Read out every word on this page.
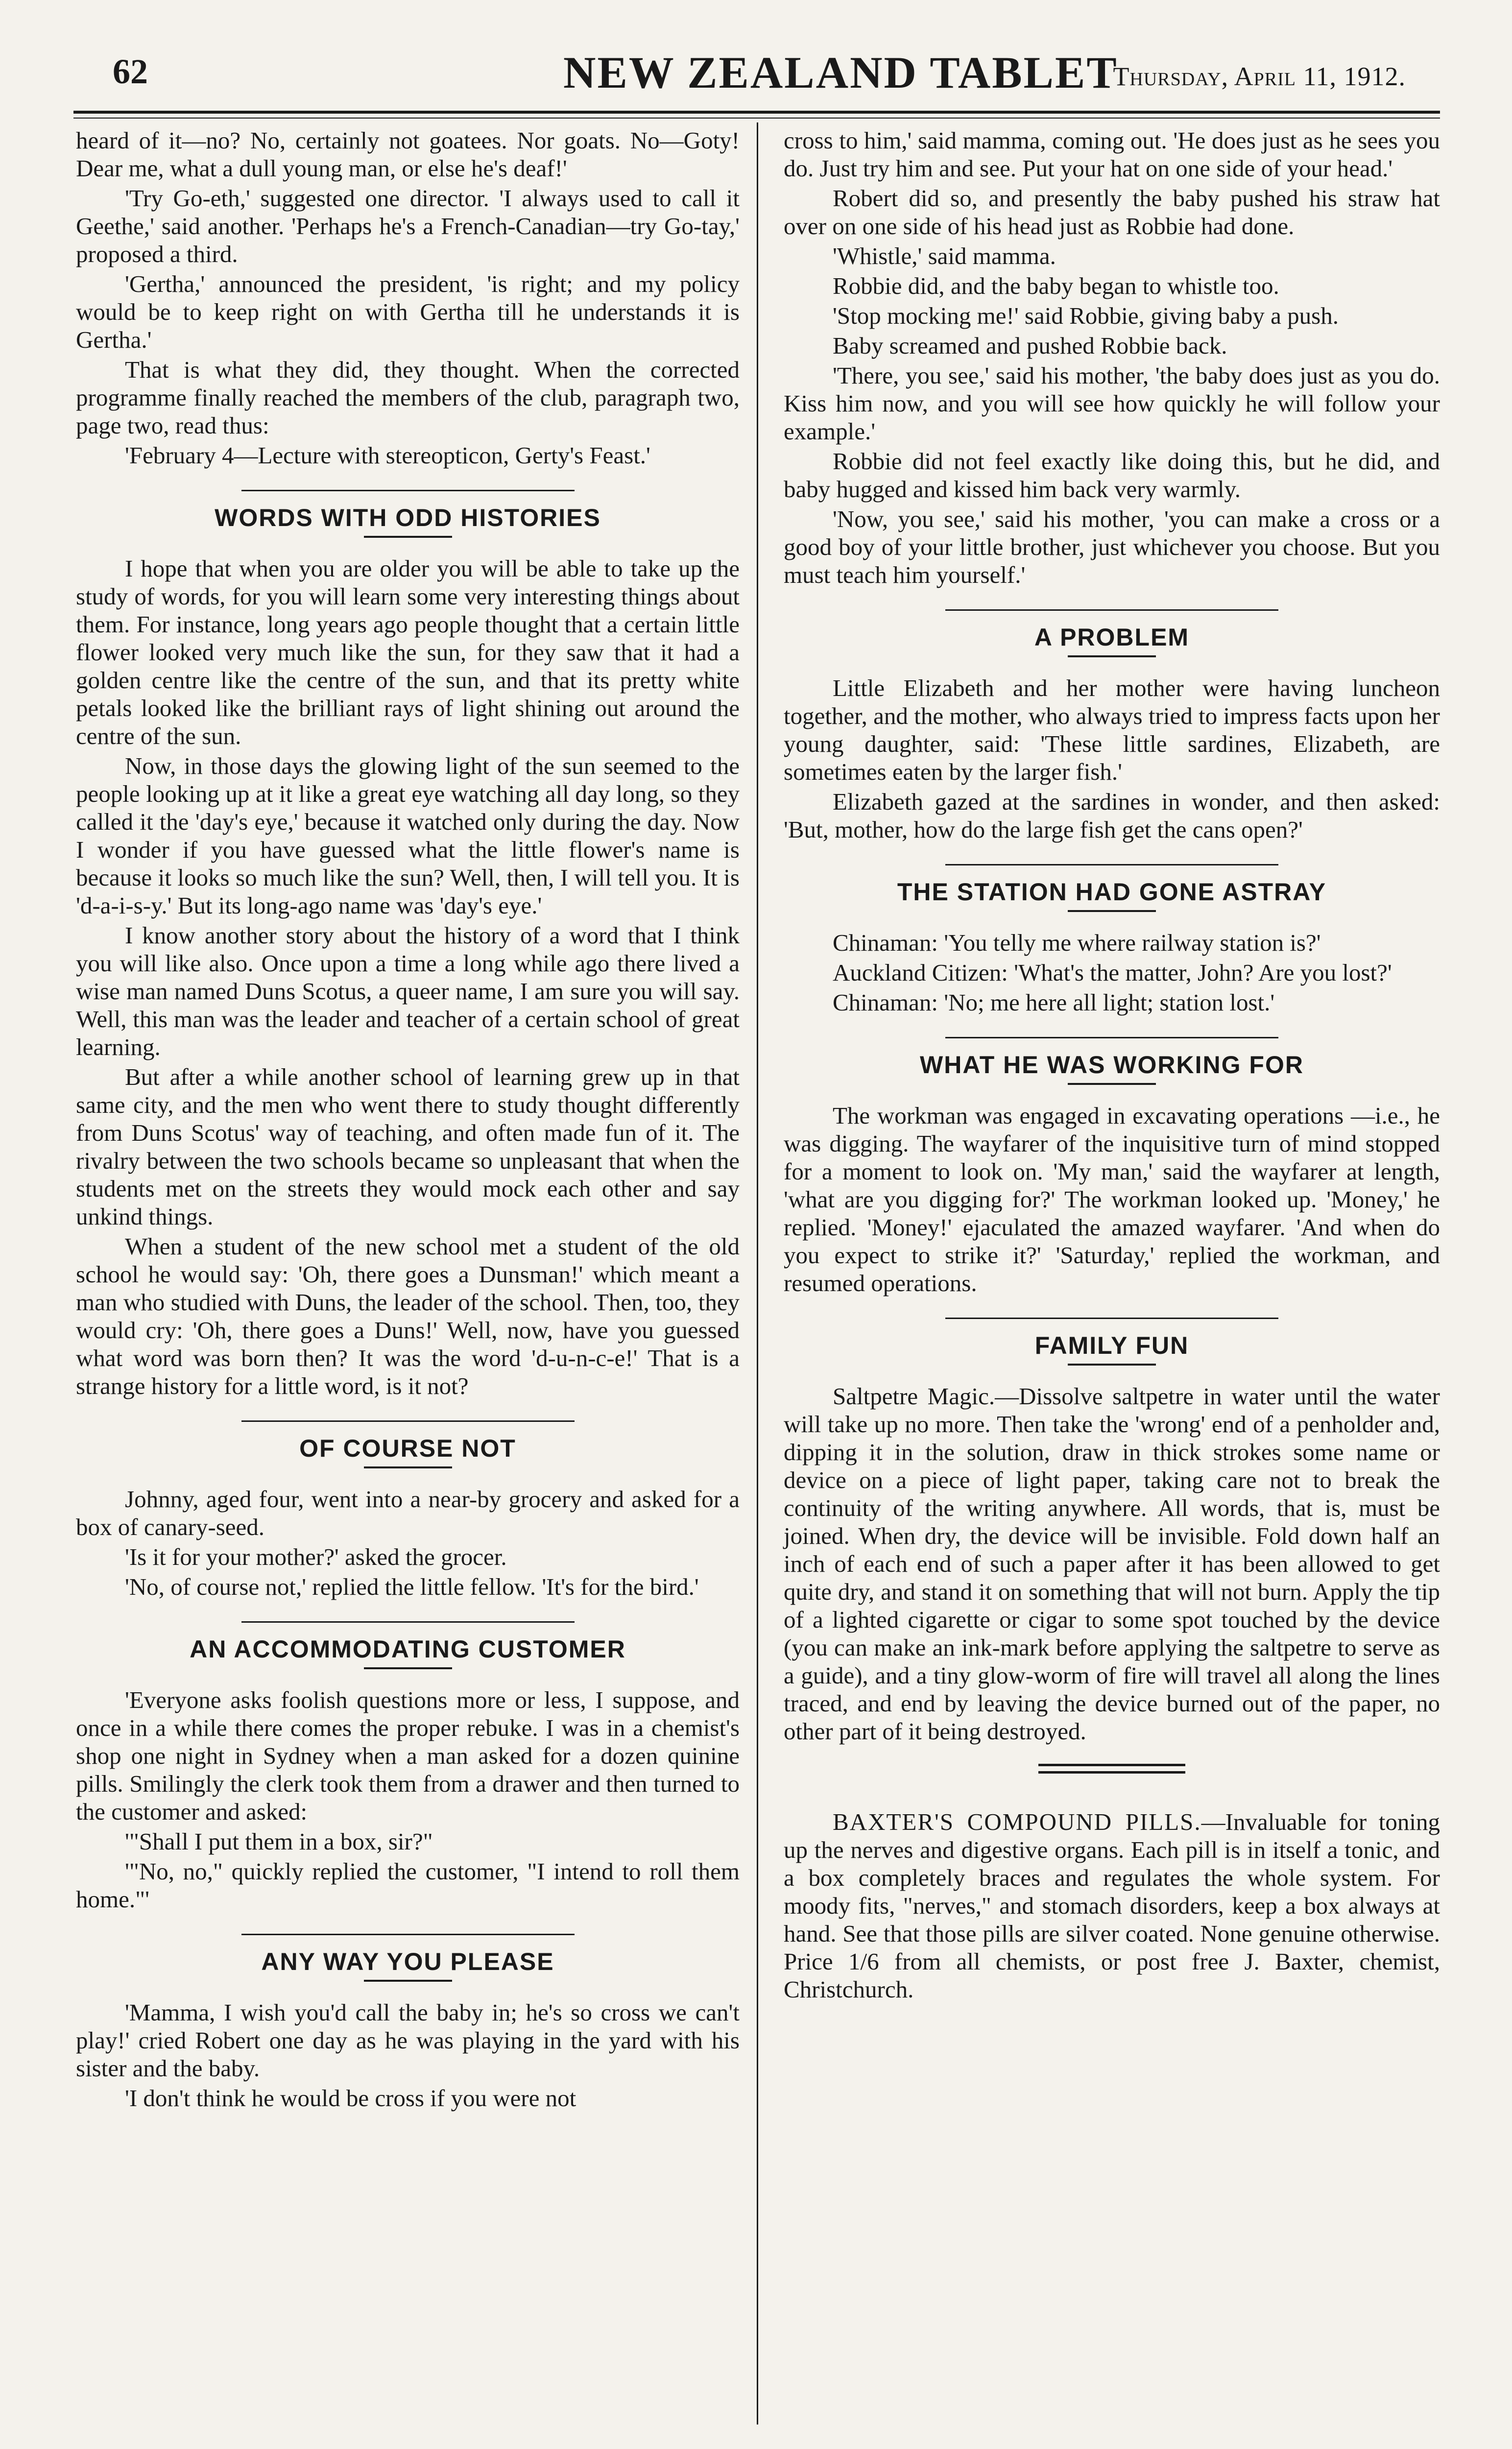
62	NEW ZEALAND TABLET
Thursday, April 11, 1912.

heard of it—no? No, certainly not goatees. Nor goats. No—Goty! Dear me, what a dull young man, or else he's deaf!'

'Try Go-eth,' suggested one director. 'I always used to call it Geethe,' said another. 'Perhaps he's a French-Canadian—try Go-tay,' proposed a third.

'Gertha,' announced the president, 'is right; and my policy would be to keep right on with Gertha till he understands it is Gertha.'

That is what they did, they thought. When the corrected programme finally reached the members of the club, paragraph two, page two, read thus:

'February 4—Lecture with stereopticon, Gerty's Feast.'

WORDS WITH ODD HISTORIES

I hope that when you are older you will be able to take up the study of words, for you will learn some very interesting things about them. For instance, long years ago people thought that a certain little flower looked very much like the sun, for they saw that it had a golden centre like the centre of the sun, and that its pretty white petals looked like the brilliant rays of light shining out around the centre of the sun.

Now, in those days the glowing light of the sun seemed to the people looking up at it like a great eye watching all day long, so they called it the 'day's eye,' because it watched only during the day. Now I wonder if you have guessed what the little flower's name is because it looks so much like the sun? Well, then, I will tell you. It is 'd-a-i-s-y.' But its long-ago name was 'day's eye.'

I know another story about the history of a word that I think you will like also. Once upon a time a long while ago there lived a wise man named Duns Scotus, a queer name, I am sure you will say. Well, this man was the leader and teacher of a certain school of great learning.

But after a while another school of learning grew up in that same city, and the men who went there to study thought differently from Duns Scotus' way of teaching, and often made fun of it. The rivalry between the two schools became so unpleasant that when the students met on the streets they would mock each other and say unkind things.

When a student of the new school met a student of the old school he would say: 'Oh, there goes a Dunsman!' which meant a man who studied with Duns, the leader of the school. Then, too, they would cry: 'Oh, there goes a Duns!' Well, now, have you guessed what word was born then? It was the word 'd-u-n-c-e!' That is a strange history for a little word, is it not?

OF COURSE NOT

Johnny, aged four, went into a near-by grocery and asked for a box of canary-seed.

'Is it for your mother?' asked the grocer.

'No, of course not,' replied the little fellow. 'It's for the bird.'

AN ACCOMMODATING CUSTOMER

'Everyone asks foolish questions more or less, I suppose, and once in a while there comes the proper rebuke. I was in a chemist's shop one night in Sydney when a man asked for a dozen quinine pills. Smilingly the clerk took them from a drawer and then turned to the customer and asked:

'"Shall I put them in a box, sir?"

'"No, no," quickly replied the customer, "I intend to roll them home."'

ANY WAY YOU PLEASE

'Mamma, I wish you'd call the baby in; he's so cross we can't play!' cried Robert one day as he was playing in the yard with his sister and the baby.

'I don't think he would be cross if you were not

cross to him,' said mamma, coming out. 'He does just as he sees you do. Just try him and see. Put your hat on one side of your head.'

Robert did so, and presently the baby pushed his straw hat over on one side of his head just as Robbie had done.

'Whistle,' said mamma.

Robbie did, and the baby began to whistle too.

'Stop mocking me!' said Robbie, giving baby a push.

Baby screamed and pushed Robbie back.

'There, you see,' said his mother, 'the baby does just as you do. Kiss him now, and you will see how quickly he will follow your example.'

Robbie did not feel exactly like doing this, but he did, and baby hugged and kissed him back very warmly.

'Now, you see,' said his mother, 'you can make a cross or a good boy of your little brother, just whichever you choose. But you must teach him yourself.'

A PROBLEM

Little Elizabeth and her mother were having luncheon together, and the mother, who always tried to impress facts upon her young daughter, said: 'These little sardines, Elizabeth, are sometimes eaten by the larger fish.'

Elizabeth gazed at the sardines in wonder, and then asked: 'But, mother, how do the large fish get the cans open?'

THE STATION HAD GONE ASTRAY

Chinaman: 'You telly me where railway station is?'

Auckland Citizen: 'What's the matter, John? Are you lost?'

Chinaman: 'No; me here all light; station lost.'

WHAT HE WAS WORKING FOR

The workman was engaged in excavating operations —i.e., he was digging. The wayfarer of the inquisitive turn of mind stopped for a moment to look on. 'My man,' said the wayfarer at length, 'what are you digging for?' The workman looked up. 'Money,' he replied. 'Money!' ejaculated the amazed wayfarer. 'And when do you expect to strike it?' 'Saturday,' replied the workman, and resumed operations.

FAMILY FUN

Saltpetre Magic.—Dissolve saltpetre in water until the water will take up no more. Then take the 'wrong' end of a penholder and, dipping it in the solution, draw in thick strokes some name or device on a piece of light paper, taking care not to break the continuity of the writing anywhere. All words, that is, must be joined. When dry, the device will be invisible. Fold down half an inch of each end of such a paper after it has been allowed to get quite dry, and stand it on something that will not burn. Apply the tip of a lighted cigarette or cigar to some spot touched by the device (you can make an ink-mark before applying the saltpetre to serve as a guide), and a tiny glow-worm of fire will travel all along the lines traced, and end by leaving the device burned out of the paper, no other part of it being destroyed.

BAXTER'S COMPOUND PILLS.—Invaluable for toning up the nerves and digestive organs. Each pill is in itself a tonic, and a box completely braces and regulates the whole system. For moody fits, "nerves," and stomach disorders, keep a box always at hand. See that those pills are silver coated. None genuine otherwise. Price 1/6 from all chemists, or post free J. Baxter, chemist, Christchurch.
